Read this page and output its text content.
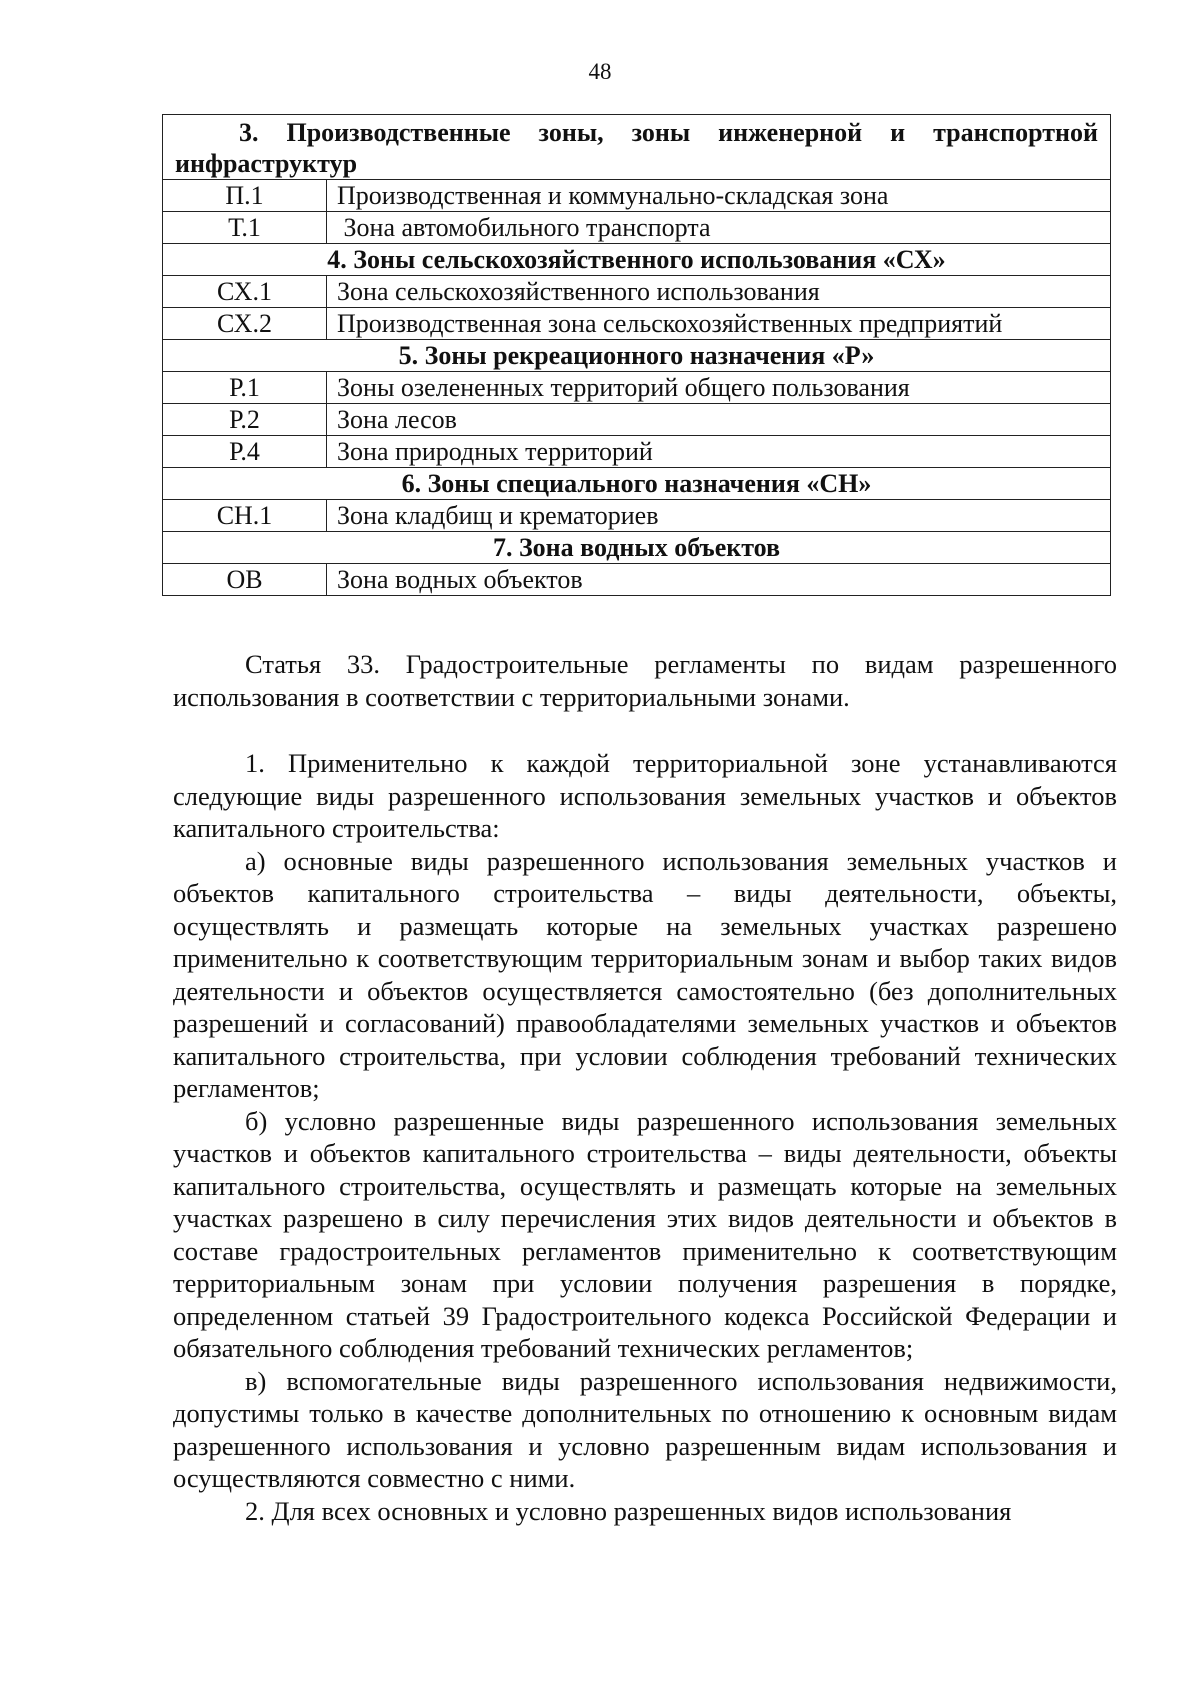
48
3. Производственные зоны, зоны инженерной и транспортной инфраструктур	
П.1	Производственная и коммунально-складская зона
Т.1	Зона автомобильного транспорта
4. Зоны сельскохозяйственного использования «СХ»	
СХ.1	Зона сельскохозяйственного использования
СХ.2	Производственная зона сельскохозяйственных предприятий
5. Зоны рекреационного назначения «Р»	
Р.1	Зоны озелененных территорий общего пользования
Р.2	Зона лесов
Р.4	Зона природных территорий
6. Зоны специального назначения «СН»	
СН.1	Зона кладбищ и крематориев
7. Зона водных объектов	
ОВ	Зона водных объектов

Статья 33. Градостроительные регламенты по видам разрешенного использования в соответствии с территориальными зонами.

1. Применительно к каждой территориальной зоне устанавливаются следующие виды разрешенного использования земельных участков и объектов капитального строительства:

а) основные виды разрешенного использования земельных участков и объектов капитального строительства – виды деятельности, объекты, осуществлять и размещать которые на земельных участках разрешено применительно к соответствующим территориальным зонам и выбор таких видов деятельности и объектов осуществляется самостоятельно (без дополнительных разрешений и согласований) правообладателями земельных участков и объектов капитального строительства, при условии соблюдения требований технических регламентов;

б) условно разрешенные виды разрешенного использования земельных участков и объектов капитального строительства – виды деятельности, объекты капитального строительства, осуществлять и размещать которые на земельных участках разрешено в силу перечисления этих видов деятельности и объектов в составе градостроительных регламентов применительно к соответствующим территориальным зонам при условии получения разрешения в порядке, определенном статьей 39 Градостроительного кодекса Российской Федерации и обязательного соблюдения требований технических регламентов;

в) вспомогательные виды разрешенного использования недвижимости, допустимы только в качестве дополнительных по отношению к основным видам разрешенного использования и условно разрешенным видам использования и осуществляются совместно с ними.

2. Для всех основных и условно разрешенных видов использования
